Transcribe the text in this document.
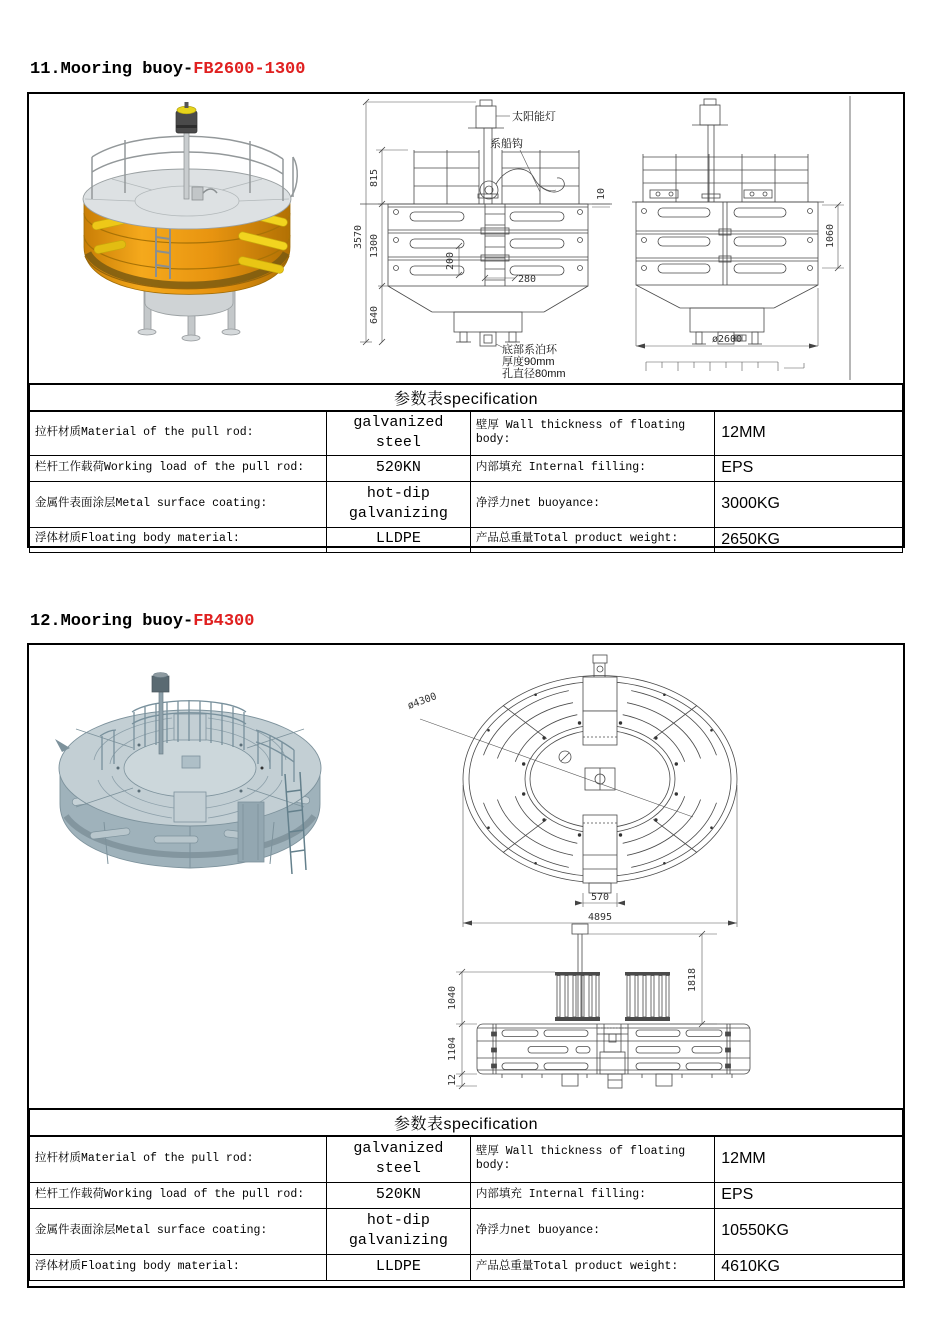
11.Mooring buoy-FB2600-1300
3570
815
1300
640
200
280
10
太阳能灯
系船钩
底部系泊环
厚度90mm
孔直径80mm
1060
ø2600
参数表specification			
拉杆材质Material of the pull rod:	galvanized steel	壁厚 Wall thickness of floating body:	12MM
栏杆工作载荷Working load of the pull rod:	520KN	内部填充 Internal filling:	EPS
金属件表面涂层Metal surface coating:	hot-dip galvanizing	净浮力net buoyance:	3000KG
浮体材质Floating body material:	LLDPE	产品总重量Total product weight:	2650KG
12.Mooring buoy-FB4300
ø4300
570
4895
1040
1104
12
1818
参数表specification			
拉杆材质Material of the pull rod:	galvanized steel	壁厚 Wall thickness of floating body:	12MM
栏杆工作载荷Working load of the pull rod:	520KN	内部填充 Internal filling:	EPS
金属件表面涂层Metal surface coating:	hot-dip galvanizing	净浮力net buoyance:	10550KG
浮体材质Floating body material:	LLDPE	产品总重量Total product weight:	4610KG
